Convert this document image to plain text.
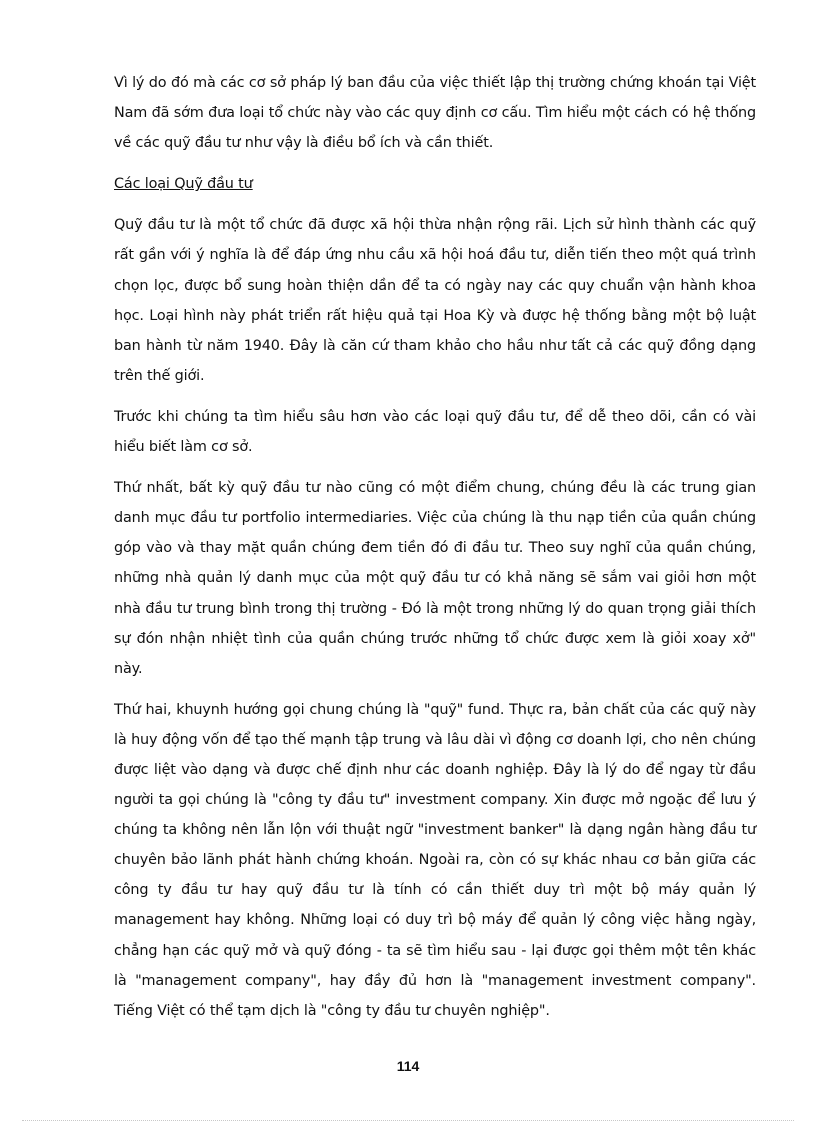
Vì lý do đó mà các cơ sở pháp lý ban đầu của việc thiết lập thị trường chứng khoán tại Việt Nam đã sớm đưa loại tổ chức này vào các quy định cơ cấu. Tìm hiểu một cách có hệ thống về các quỹ đầu tư như vậy là điều bổ ích và cần thiết.

Các loại Quỹ đầu tư

Quỹ đầu tư là một tổ chức đã được xã hội thừa nhận rộng rãi. Lịch sử hình thành các quỹ rất gần với ý nghĩa là để đáp ứng nhu cầu xã hội hoá đầu tư, diễn tiến theo một quá trình chọn lọc, được bổ sung hoàn thiện dần để ta có ngày nay các quy chuẩn vận hành khoa học. Loại hình này phát triển rất hiệu quả tại Hoa Kỳ và được hệ thống bằng một bộ luật ban hành từ năm 1940. Đây là căn cứ tham khảo cho hầu như tất cả các quỹ đồng dạng trên thế giới.

Trước khi chúng ta tìm hiểu sâu hơn vào các loại quỹ đầu tư, để dễ theo dõi, cần có vài hiểu biết làm cơ sở.

Thứ nhất, bất kỳ quỹ đầu tư nào cũng có một điểm chung, chúng đều là các trung gian danh mục đầu tư portfolio intermediaries. Việc của chúng là thu nạp tiền của quần chúng góp vào và thay mặt quần chúng đem tiền đó đi đầu tư. Theo suy nghĩ của quần chúng, những nhà quản lý danh mục của một quỹ đầu tư có khả năng sẽ sắm vai giỏi hơn một nhà đầu tư trung bình trong thị trường - Đó là một trong những lý do quan trọng giải thích sự đón nhận nhiệt tình của quần chúng trước những tổ chức được xem là giỏi xoay xở" này.

Thứ hai, khuynh hướng gọi chung chúng là "quỹ" fund. Thực ra, bản chất của các quỹ này là huy động vốn để tạo thế mạnh tập trung và lâu dài vì động cơ doanh lợi, cho nên chúng được liệt vào dạng và được chế định như các doanh nghiệp. Đây là lý do để ngay từ đầu người ta gọi chúng là "công ty đầu tư" investment company. Xin được mở ngoặc để lưu ý chúng ta không nên lẫn lộn với thuật ngữ "investment banker" là dạng ngân hàng đầu tư chuyên bảo lãnh phát hành chứng khoán. Ngoài ra, còn có sự khác nhau cơ bản giữa các công ty đầu tư hay quỹ đầu tư là tính có cần thiết duy trì một bộ máy quản lý management hay không. Những loại có duy trì bộ máy để quản lý công việc hằng ngày, chẳng hạn các quỹ mở và quỹ đóng - ta sẽ tìm hiểu sau - lại được gọi thêm một tên khác là "management company", hay đầy đủ hơn là "management investment company". Tiếng Việt có thể tạm dịch là "công ty đầu tư chuyên nghiệp".

114
